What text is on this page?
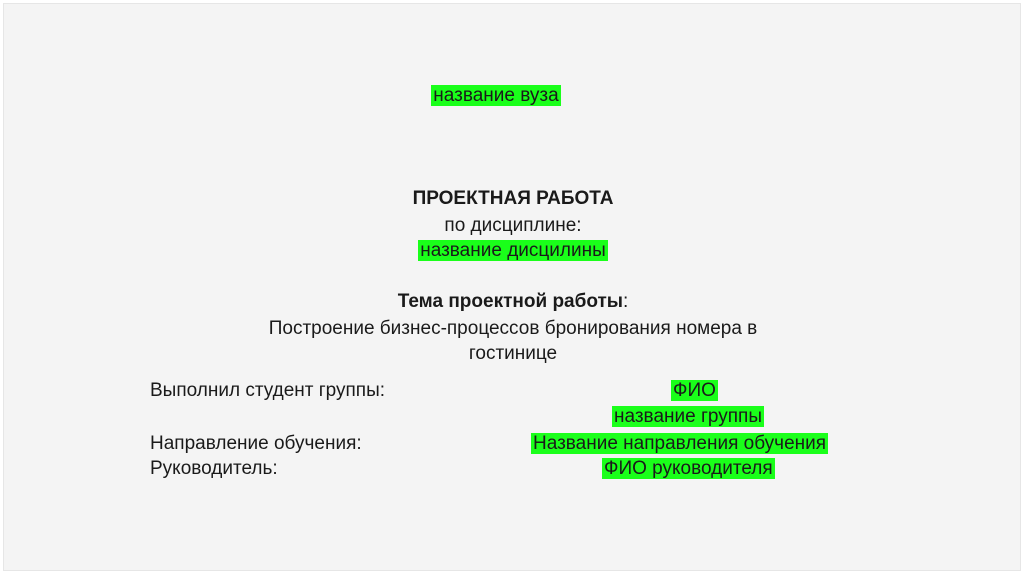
название вуза
ПРОЕКТНАЯ РАБОТА
по дисциплине:
название дисцилины
Тема проектной работы:
Построение бизнес-процессов бронирования номера в
гостинице
Выполнил студент группы:	ФИО
название группы
Направление обучения:	Название направления обучения
Руководитель:	ФИО руководителя
